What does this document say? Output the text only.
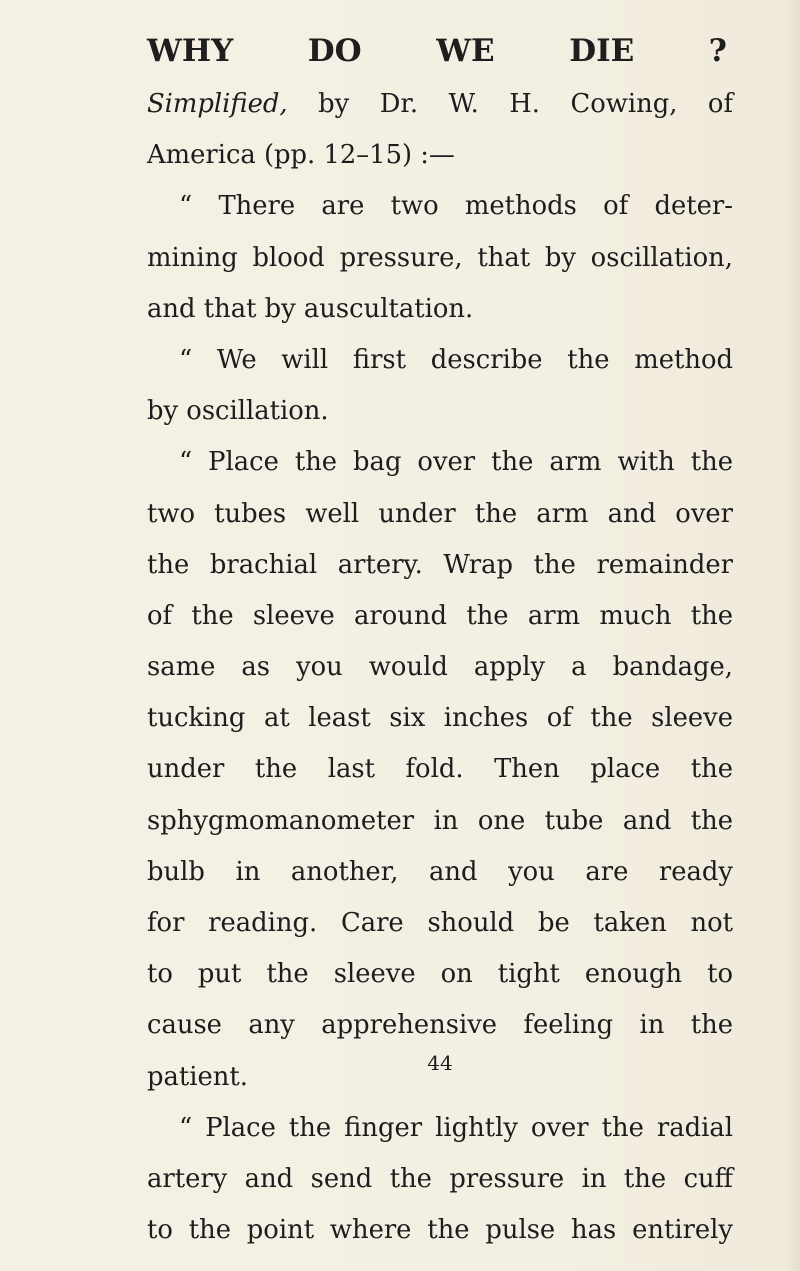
WHY DO WE DIE ?
Simplified, by Dr. W. H. Cowing, of
America (pp. 12–15) :—
“ There are two methods of deter-
mining blood pressure, that by oscillation,
and that by auscultation.
“ We will first describe the method
by oscillation.
“ Place the bag over the arm with the
two tubes well under the arm and over
the brachial artery. Wrap the remainder
of the sleeve around the arm much the
same as you would apply a bandage,
tucking at least six inches of the sleeve
under the last fold. Then place the
sphygmomanometer in one tube and the
bulb in another, and you are ready
for reading. Care should be taken not
to put the sleeve on tight enough to
cause any apprehensive feeling in the
patient.
“ Place the finger lightly over the radial
artery and send the pressure in the cuff
to the point where the pulse has entirely

44
